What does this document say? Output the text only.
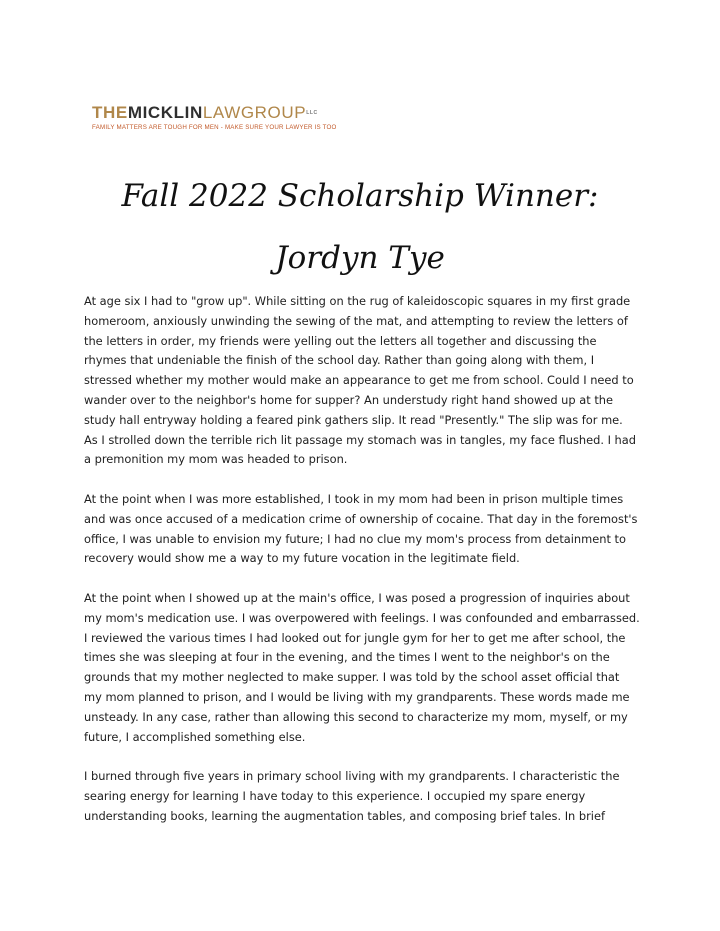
THEMICKLINLAWGROUPLLC
FAMILY MATTERS ARE TOUGH FOR MEN - MAKE SURE YOUR LAWYER IS TOO
Fall 2022 Scholarship Winner:
Jordyn Tye

At age six I had to "grow up". While sitting on the rug of kaleidoscopic squares in my first grade homeroom, anxiously unwinding the sewing of the mat, and attempting to review the letters of the letters in order, my friends were yelling out the letters all together and discussing the rhymes that undeniable the finish of the school day. Rather than going along with them, I stressed whether my mother would make an appearance to get me from school. Could I need to wander over to the neighbor's home for supper? An understudy right hand showed up at the study hall entryway holding a feared pink gathers slip. It read "Presently." The slip was for me. As I strolled down the terrible rich lit passage my stomach was in tangles, my face flushed. I had a premonition my mom was headed to prison.

At the point when I was more established, I took in my mom had been in prison multiple times and was once accused of a medication crime of ownership of cocaine. That day in the foremost's office, I was unable to envision my future; I had no clue my mom's process from detainment to recovery would show me a way to my future vocation in the legitimate field.

At the point when I showed up at the main's office, I was posed a progression of inquiries about my mom's medication use. I was overpowered with feelings. I was confounded and embarrassed. I reviewed the various times I had looked out for jungle gym for her to get me after school, the times she was sleeping at four in the evening, and the times I went to the neighbor's on the grounds that my mother neglected to make supper. I was told by the school asset official that my mom planned to prison, and I would be living with my grandparents. These words made me unsteady. In any case, rather than allowing this second to characterize my mom, myself, or my future, I accomplished something else.

I burned through five years in primary school living with my grandparents. I characteristic the searing energy for learning I have today to this experience. I occupied my spare energy understanding books, learning the augmentation tables, and composing brief tales. In brief
